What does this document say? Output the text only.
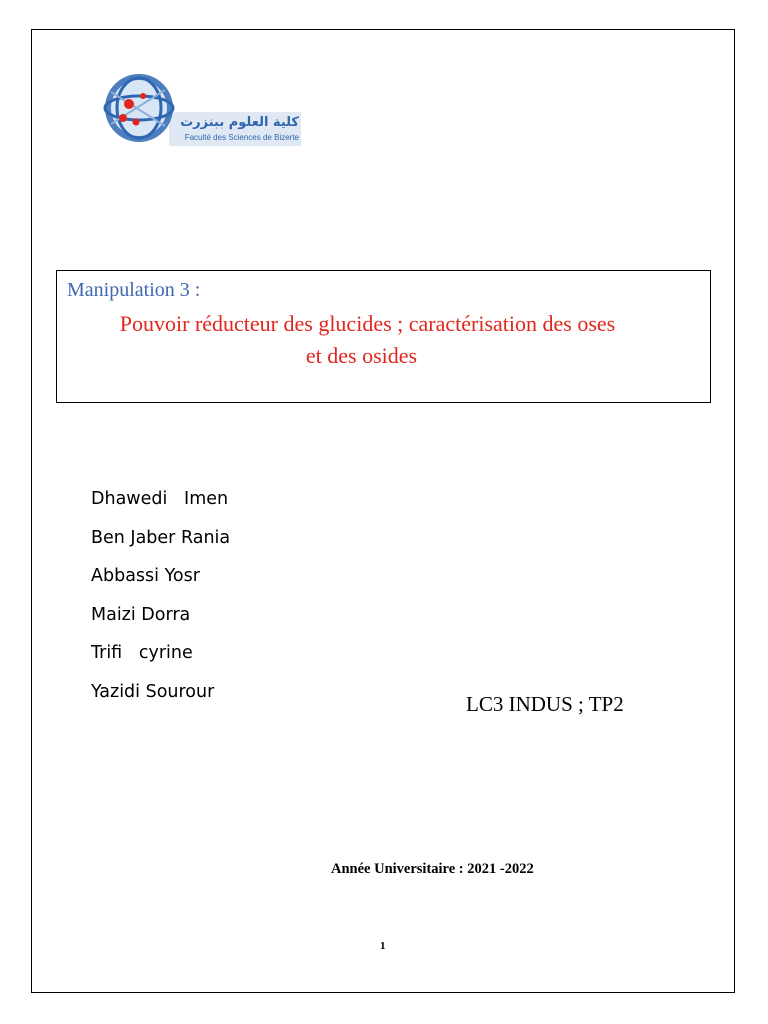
كلية العلوم ببنزرت
Faculté des Sciences de Bizerte
Manipulation 3 :
Pouvoir réducteur des glucides ; caractérisation des oses
et des osides
Dhawedi   Imen
Ben Jaber Rania
Abbassi Yosr
Maizi Dorra
Trifi   cyrine
Yazidi Sourour
LC3 INDUS ; TP2
Année Universitaire : 2021 -2022
1
